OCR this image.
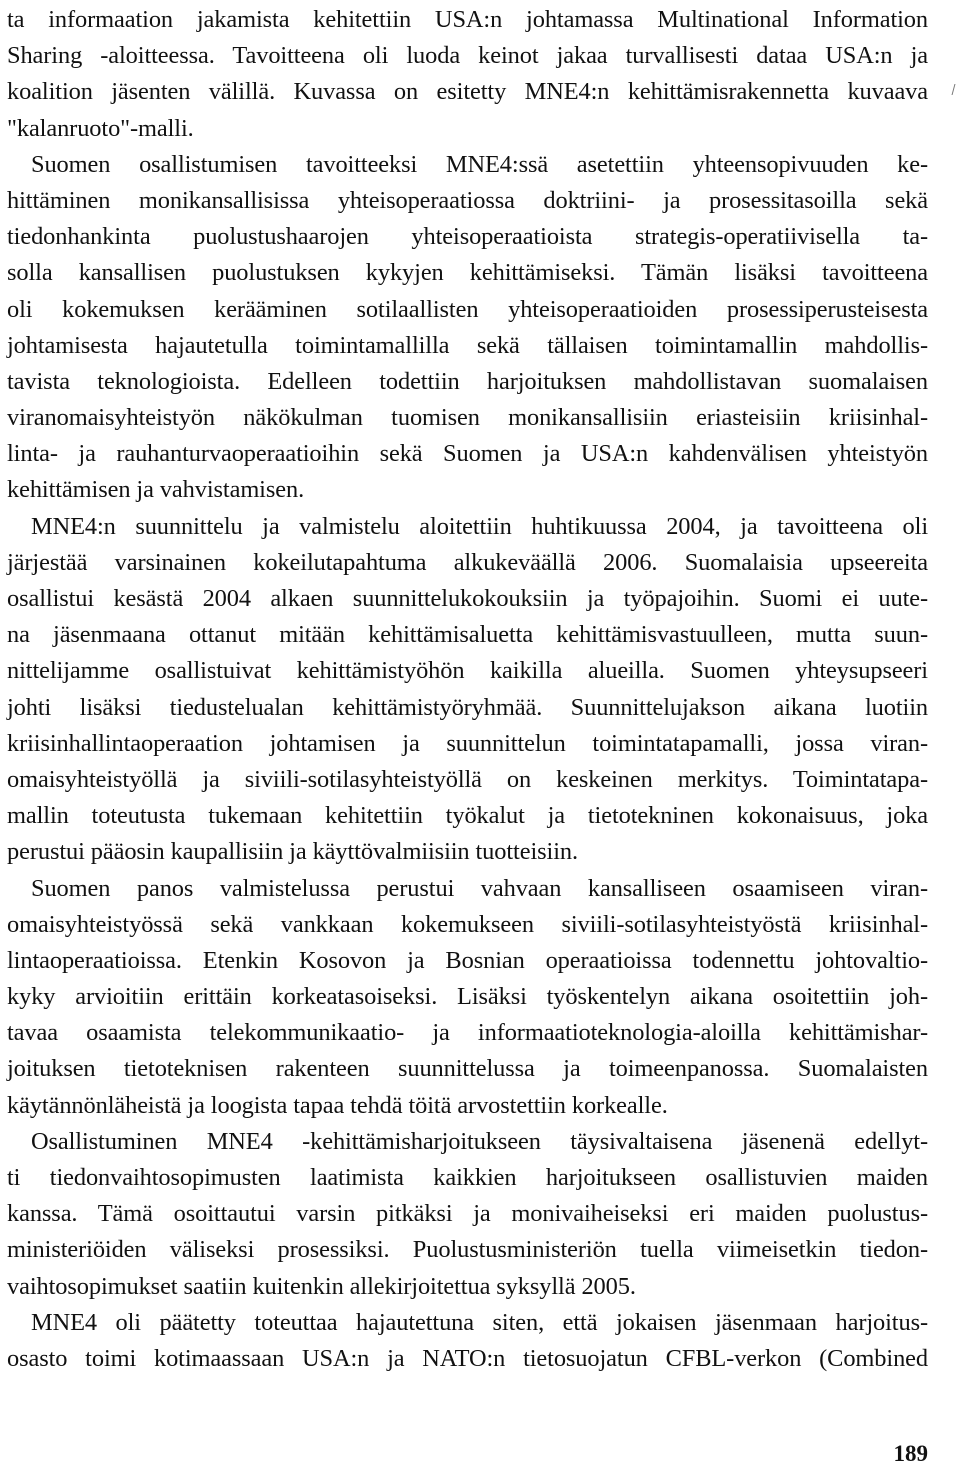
ta informaation jakamista kehitettiin USA:n johtamassa Multinational Information
Sharing -aloitteessa. Tavoitteena oli luoda keinot jakaa turvallisesti dataa USA:n ja
koalition jäsenten välillä. Kuvassa on esitetty MNE4:n kehittämisrakennetta kuvaava
"kalanruoto"-malli.
Suomen osallistumisen tavoitteeksi MNE4:ssä asetettiin yhteensopivuuden ke-
hittäminen monikansallisissa yhteisoperaatiossa doktriini- ja prosessitasoilla sekä
tiedonhankinta puolustushaarojen yhteisoperaatioista strategis-operatiivisella ta-
solla kansallisen puolustuksen kykyjen kehittämiseksi. Tämän lisäksi tavoitteena
oli kokemuksen kerääminen sotilaallisten yhteisoperaatioiden prosessiperusteisesta
johtamisesta hajautetulla toimintamallilla sekä tällaisen toimintamallin mahdollis-
tavista teknologioista. Edelleen todettiin harjoituksen mahdollistavan suomalaisen
viranomaisyhteistyön näkökulman tuomisen monikansallisiin eriasteisiin kriisinhal-
linta- ja rauhanturvaoperaatioihin sekä Suomen ja USA:n kahdenvälisen yhteistyön
kehittämisen ja vahvistamisen.
MNE4:n suunnittelu ja valmistelu aloitettiin huhtikuussa 2004, ja tavoitteena oli
järjestää varsinainen kokeilutapahtuma alkukeväällä 2006. Suomalaisia upseereita
osallistui kesästä 2004 alkaen suunnittelukokouksiin ja työpajoihin. Suomi ei uute-
na jäsenmaana ottanut mitään kehittämisaluetta kehittämisvastuulleen, mutta suun-
nittelijamme osallistuivat kehittämistyöhön kaikilla alueilla. Suomen yhteysupseeri
johti lisäksi tiedustelualan kehittämistyöryhmää. Suunnittelujakson aikana luotiin
kriisinhallintaoperaation johtamisen ja suunnittelun toimintatapamalli, jossa viran-
omaisyhteistyöllä ja siviili-sotilasyhteistyöllä on keskeinen merkitys. Toimintatapa-
mallin toteutusta tukemaan kehitettiin työkalut ja tietotekninen kokonaisuus, joka
perustui pääosin kaupallisiin ja käyttövalmiisiin tuotteisiin.
Suomen panos valmistelussa perustui vahvaan kansalliseen osaamiseen viran-
omaisyhteistyössä sekä vankkaan kokemukseen siviili-sotilasyhteistyöstä kriisinhal-
lintaoperaatioissa. Etenkin Kosovon ja Bosnian operaatioissa todennettu johtovaltio-
kyky arvioitiin erittäin korkeatasoiseksi. Lisäksi työskentelyn aikana osoitettiin joh-
tavaa osaamista telekommunikaatio- ja informaatioteknologia-aloilla kehittämishar-
joituksen tietoteknisen rakenteen suunnittelussa ja toimeenpanossa. Suomalaisten
käytännönläheistä ja loogista tapaa tehdä töitä arvostettiin korkealle.
Osallistuminen MNE4 -kehittämisharjoitukseen täysivaltaisena jäsenenä edellyt-
ti tiedonvaihtosopimusten laatimista kaikkien harjoitukseen osallistuvien maiden
kanssa. Tämä osoittautui varsin pitkäksi ja monivaiheiseksi eri maiden puolustus-
ministeriöiden väliseksi prosessiksi. Puolustusministeriön tuella viimeisetkin tiedon-
vaihtosopimukset saatiin kuitenkin allekirjoitettua syksyllä 2005.
MNE4 oli päätetty toteuttaa hajautettuna siten, että jokaisen jäsenmaan harjoitus-
osasto toimi kotimaassaan USA:n ja NATO:n tietosuojatun CFBL-verkon (Combined
189
